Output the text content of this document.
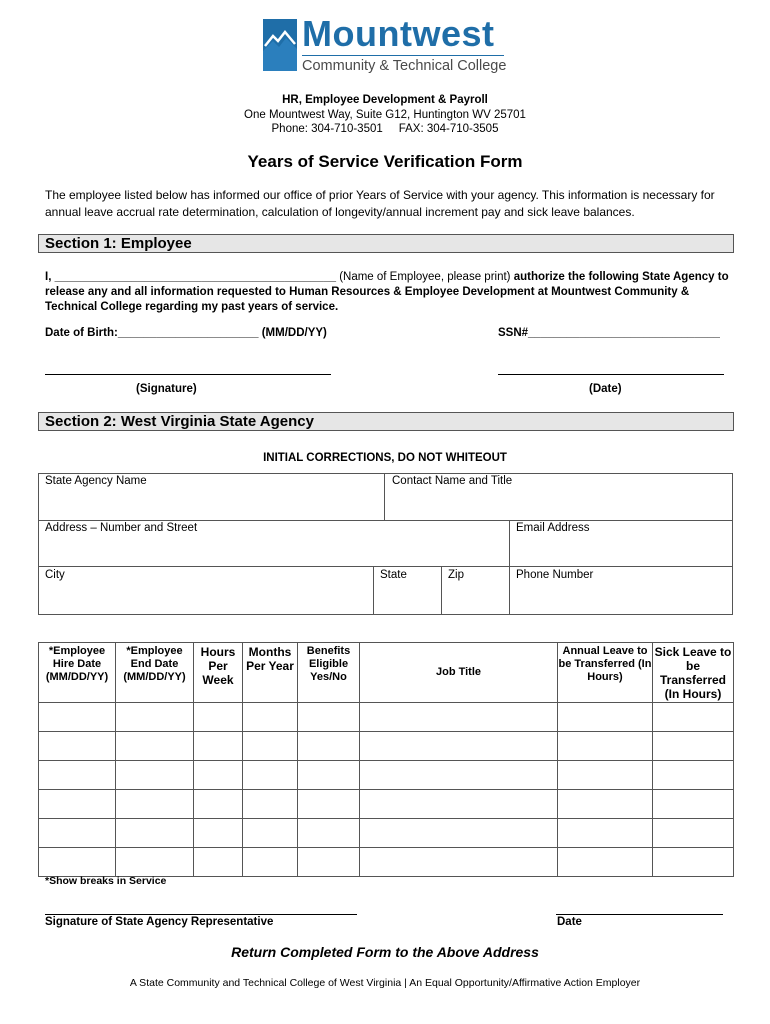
Mountwest
Community & Technical College
HR, Employee Development & Payroll
One Mountwest Way, Suite G12, Huntington WV 25701
Phone: 304-710-3501     FAX: 304-710-3505
Years of Service Verification Form
The employee listed below has informed our office of prior Years of Service with your agency. This information is necessary for annual leave accrual rate determination, calculation of longevity/annual increment pay and sick leave balances.
Section 1: Employee
I, ____________________________________________ (Name of Employee, please print) authorize the following State Agency to release any and all information requested to Human Resources & Employee Development at Mountwest Community & Technical College regarding my past years of service.
Date of Birth:______________________ (MM/DD/YY)	SSN#______________________________
(Signature)	(Date)
Section 2: West Virginia State Agency
INITIAL CORRECTIONS, DO NOT WHITEOUT
State Agency Name	Contact Name and Title
Address – Number and Street	Email Address
City	State	Zip	Phone Number
*Employee Hire Date (MM/DD/YY)	*Employee End Date (MM/DD/YY)	Hours Per Week	Months Per Year	Benefits Eligible Yes/No	Job Title	Annual Leave to be Transferred (In Hours)	Sick Leave to be Transferred (In Hours)

*Show breaks in Service
Signature of State Agency Representative	Date
Return Completed Form to the Above Address
A State Community and Technical College of West Virginia | An Equal Opportunity/Affirmative Action Employer
